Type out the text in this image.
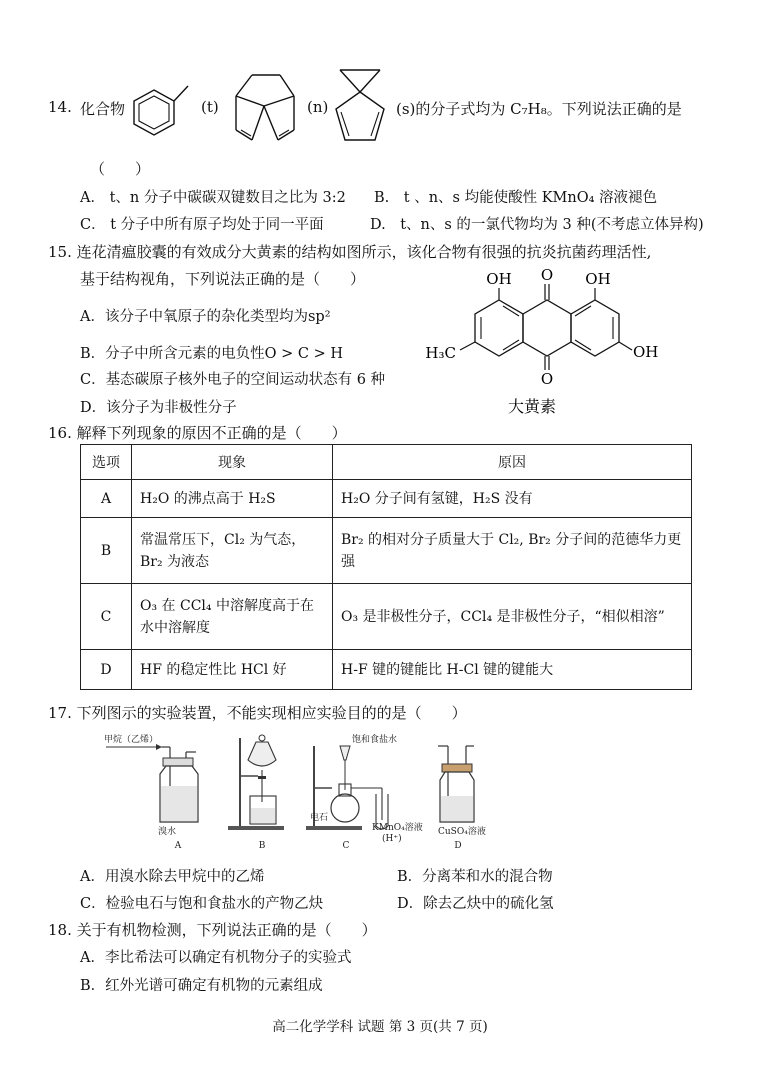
14. 化合物	(t)	(n)	(s)的分子式均为 C₇H₈。下列说法正确的是
（　　）
A． t、n 分子中碳碳双键数目之比为 3:2 B.　t 、n、s 均能使酸性 KMnO₄ 溶液褪色
C． t 分子中所有原子均处于同一平面	D.　t、n、s 的一氯代物均为 3 种(不考虑立体异构)
15. 连花清瘟胶囊的有效成分大黄素的结构如图所示，该化合物有很强的抗炎抗菌药理活性,
基于结构视角，下列说法正确的是（　　）
A．该分子中氧原子的杂化类型均为sp²
B．分子中所含元素的电负性O > C > H
C．基态碳原子核外电子的空间运动状态有 6 种
D．该分子为非极性分子
OH O OH
H₃C	OH
O
大黄素
16. 解释下列现象的原因不正确的是（　　）
选项	现象	原因
A	H₂O 的沸点高于 H₂S	H₂O 分子间有氢键，H₂S 没有
B	常温常压下，Cl₂ 为气态，Br₂ 为液态	Br₂ 的相对分子质量大于 Cl₂, Br₂ 分子间的范德华力更强
C	O₃ 在 CCl₄ 中溶解度高于在水中溶解度	O₃ 是非极性分子，CCl₄ 是非极性分子，“相似相溶”
D	HF 的稳定性比 HCl 好	H-F 键的键能比 H-Cl 键的键能大
17. 下列图示的实验装置，不能实现相应实验目的的是（　　）
甲烷（乙烯）
溴水
A	B
饱和食盐水
电石
KMnO₄溶液
(H⁺)
C
CuSO₄溶液
D
A．用溴水除去甲烷中的乙烯	B．分离苯和水的混合物
C．检验电石与饱和食盐水的产物乙炔	D．除去乙炔中的硫化氢
18. 关于有机物检测，下列说法正确的是（　　）
A．李比希法可以确定有机物分子的实验式
B．红外光谱可确定有机物的元素组成
高二化学学科 试题 第 3 页(共 7 页)
